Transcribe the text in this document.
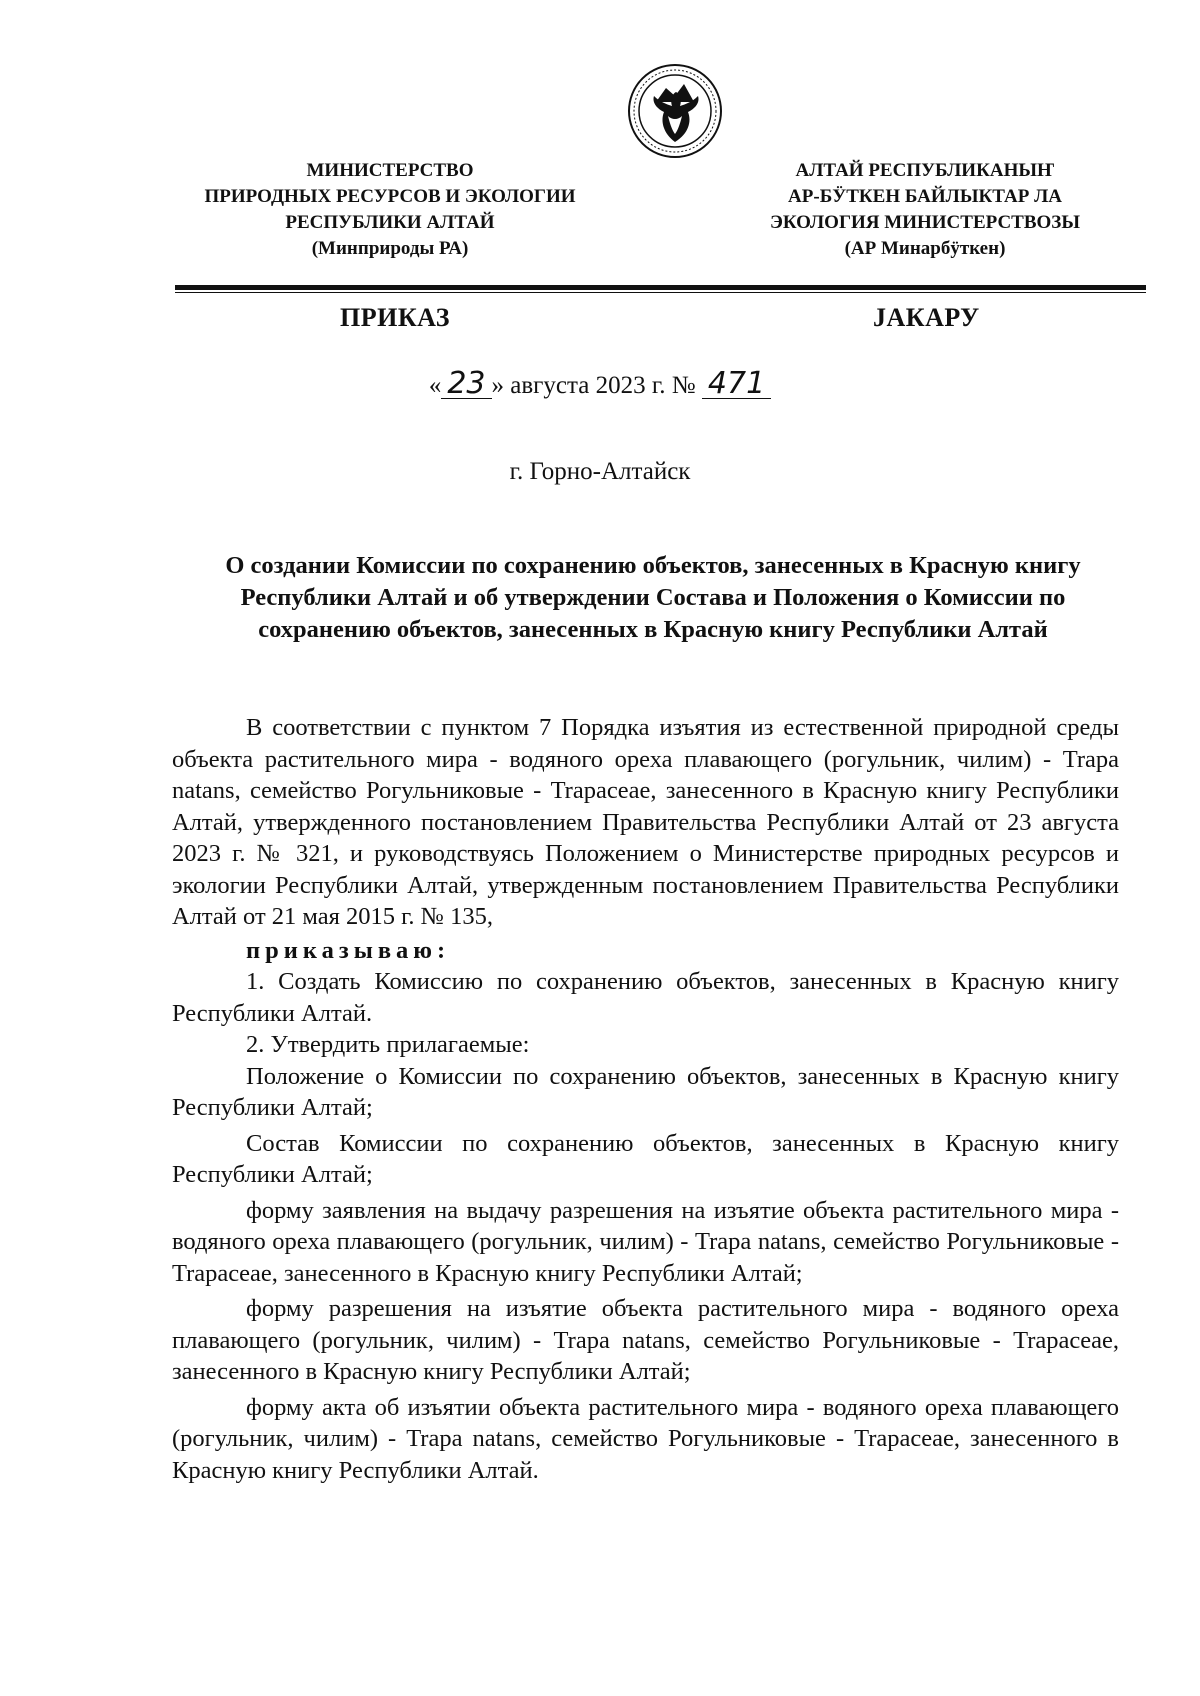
МИНИСТЕРСТВО
ПРИРОДНЫХ РЕСУРСОВ И ЭКОЛОГИИ
РЕСПУБЛИКИ АЛТАЙ
(Минприроды РА)
АЛТАЙ РЕСПУБЛИКАНЫҤ
АР-БӰТКЕН БАЙЛЫКТАР ЛА
ЭКОЛОГИЯ МИНИСТЕРСТВОЗЫ
(АР Минарбӱткен)
ПРИКАЗ	ЈАКАРУ
« 23 » августа 2023 г. № 471
г. Горно-Алтайск
О создании Комиссии по сохранению объектов, занесенных в Красную книгу Республики Алтай и об утверждении Состава и Положения о Комиссии по сохранению объектов, занесенных в Красную книгу Республики Алтай

В соответствии с пунктом 7 Порядка изъятия из естественной природной среды объекта растительного мира - водяного ореха плавающего (рогульник, чилим) - Trapa natans, семейство Рогульниковые - Trapaceae, занесенного в Красную книгу Республики Алтай, утвержденного постановлением Правительства Республики Алтай от 23 августа 2023 г. № 321, и руководствуясь Положением о Министерстве природных ресурсов и экологии Республики Алтай, утвержденным постановлением Правительства Республики Алтай от 21 мая 2015 г. № 135,

приказываю:

1. Создать Комиссию по сохранению объектов, занесенных в Красную книгу Республики Алтай.

2. Утвердить прилагаемые:

Положение о Комиссии по сохранению объектов, занесенных в Красную книгу Республики Алтай;

Состав Комиссии по сохранению объектов, занесенных в Красную книгу Республики Алтай;

форму заявления на выдачу разрешения на изъятие объекта растительного мира - водяного ореха плавающего (рогульник, чилим) - Trapa natans, семейство Рогульниковые - Trapaceae, занесенного в Красную книгу Республики Алтай;

форму разрешения на изъятие объекта растительного мира - водяного ореха плавающего (рогульник, чилим) - Trapa natans, семейство Рогульниковые - Trapaceae, занесенного в Красную книгу Республики Алтай;

форму акта об изъятии объекта растительного мира - водяного ореха плавающего (рогульник, чилим) - Trapa natans, семейство Рогульниковые - Trapaceae, занесенного в Красную книгу Республики Алтай.
